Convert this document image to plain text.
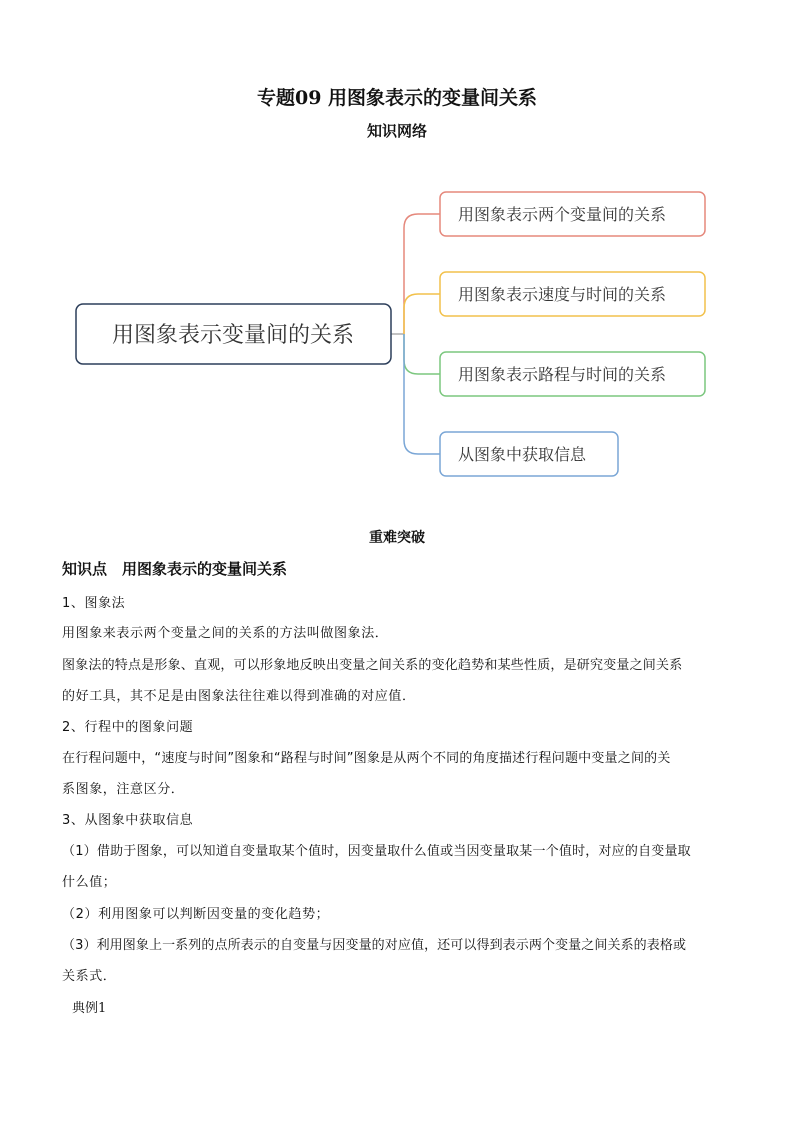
专题09 用图象表示的变量间关系
知识网络
用图象表示变量间的关系
用图象表示两个变量间的关系
用图象表示速度与时间的关系
用图象表示路程与时间的关系
从图象中获取信息
重难突破
知识点　用图象表示的变量间关系
1、图象法
用图象来表示两个变量之间的关系的方法叫做图象法．
图象法的特点是形象、直观，可以形象地反映出变量之间关系的变化趋势和某些性质，是研究变量之间关系
的好工具，其不足是由图象法往往难以得到准确的对应值．
2、行程中的图象问题
在行程问题中，“速度与时间”图象和“路程与时间”图象是从两个不同的角度描述行程问题中变量之间的关
系图象，注意区分．
3、从图象中获取信息
（1）借助于图象，可以知道自变量取某个值时，因变量取什么值或当因变量取某一个值时，对应的自变量取
什么值；
（2）利用图象可以判断因变量的变化趋势；
（3）利用图象上一系列的点所表示的自变量与因变量的对应值，还可以得到表示两个变量之间关系的表格或
关系式．
典例1
